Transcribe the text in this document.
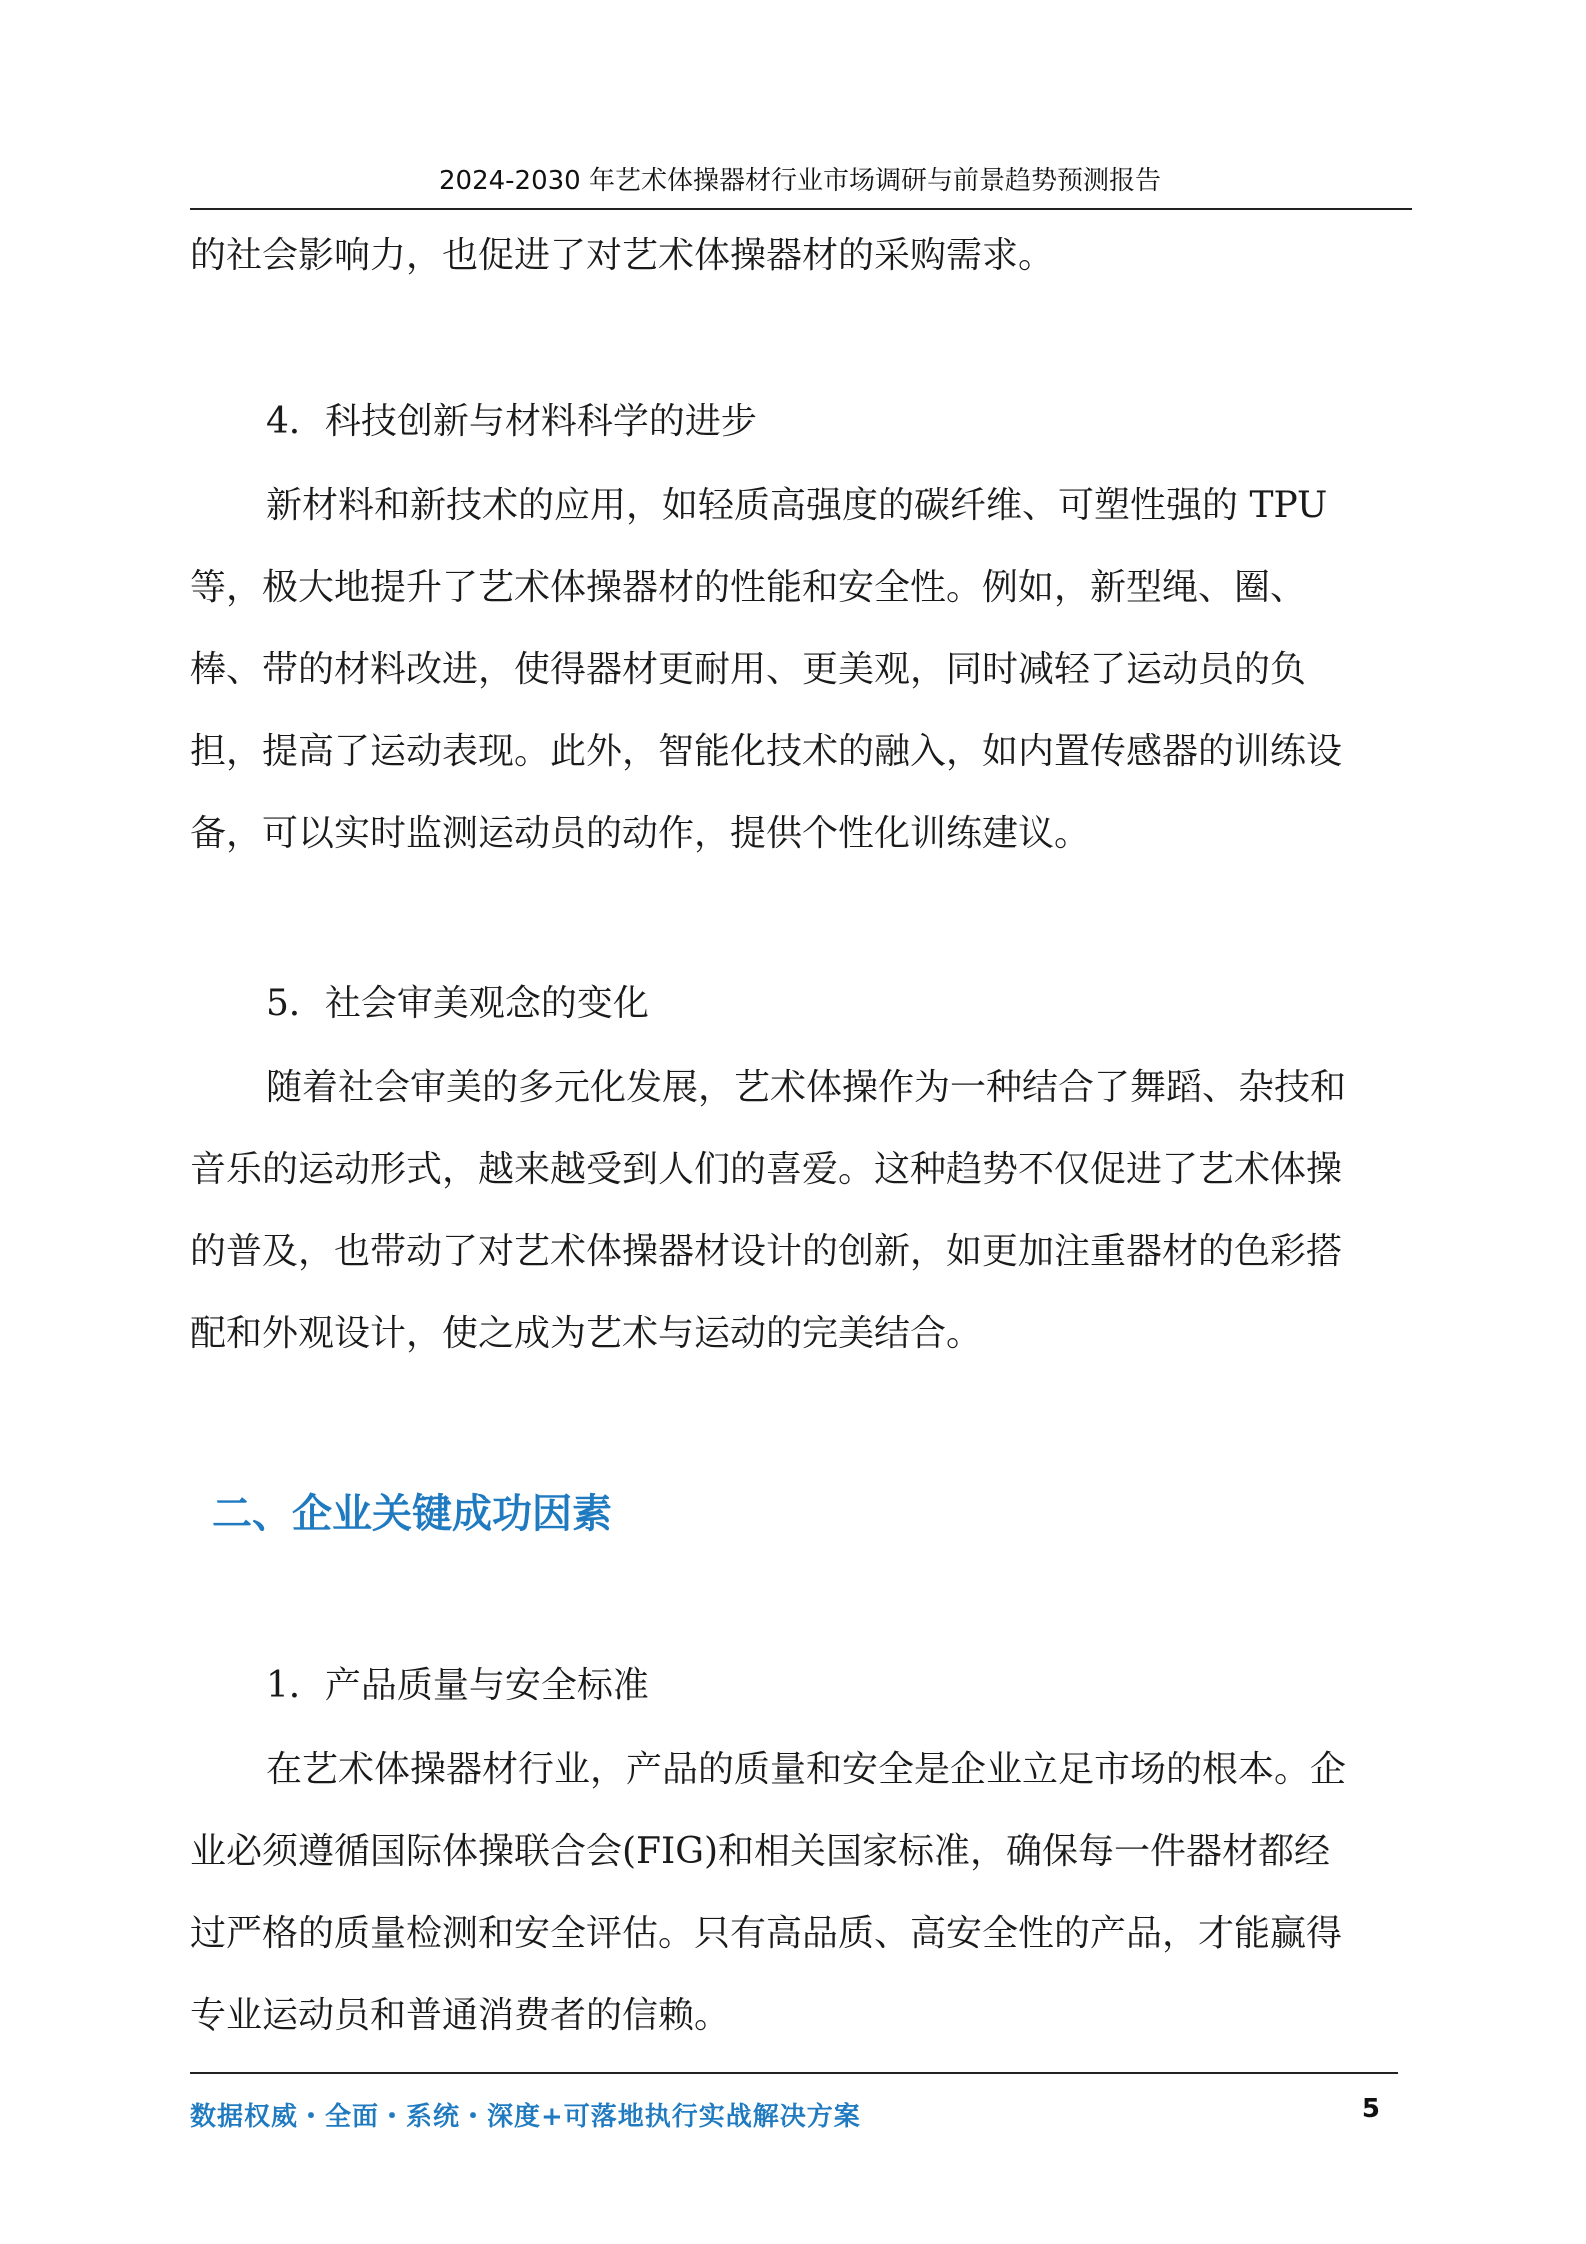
2024-2030 年艺术体操器材行业市场调研与前景趋势预测报告
的社会影响力，也促进了对艺术体操器材的采购需求。
4．科技创新与材料科学的进步
新材料和新技术的应用，如轻质高强度的碳纤维、可塑性强的 TPU
等，极大地提升了艺术体操器材的性能和安全性。例如，新型绳、圈、
棒、带的材料改进，使得器材更耐用、更美观，同时减轻了运动员的负
担，提高了运动表现。此外，智能化技术的融入，如内置传感器的训练设
备，可以实时监测运动员的动作，提供个性化训练建议。
5．社会审美观念的变化
随着社会审美的多元化发展，艺术体操作为一种结合了舞蹈、杂技和
音乐的运动形式，越来越受到人们的喜爱。这种趋势不仅促进了艺术体操
的普及，也带动了对艺术体操器材设计的创新，如更加注重器材的色彩搭
配和外观设计，使之成为艺术与运动的完美结合。
二、企业关键成功因素
1．产品质量与安全标准
在艺术体操器材行业，产品的质量和安全是企业立足市场的根本。企
业必须遵循国际体操联合会(FIG)和相关国家标准，确保每一件器材都经
过严格的质量检测和安全评估。只有高品质、高安全性的产品，才能赢得
专业运动员和普通消费者的信赖。
数据权威・全面・系统・深度+可落地执行实战解决方案	5
